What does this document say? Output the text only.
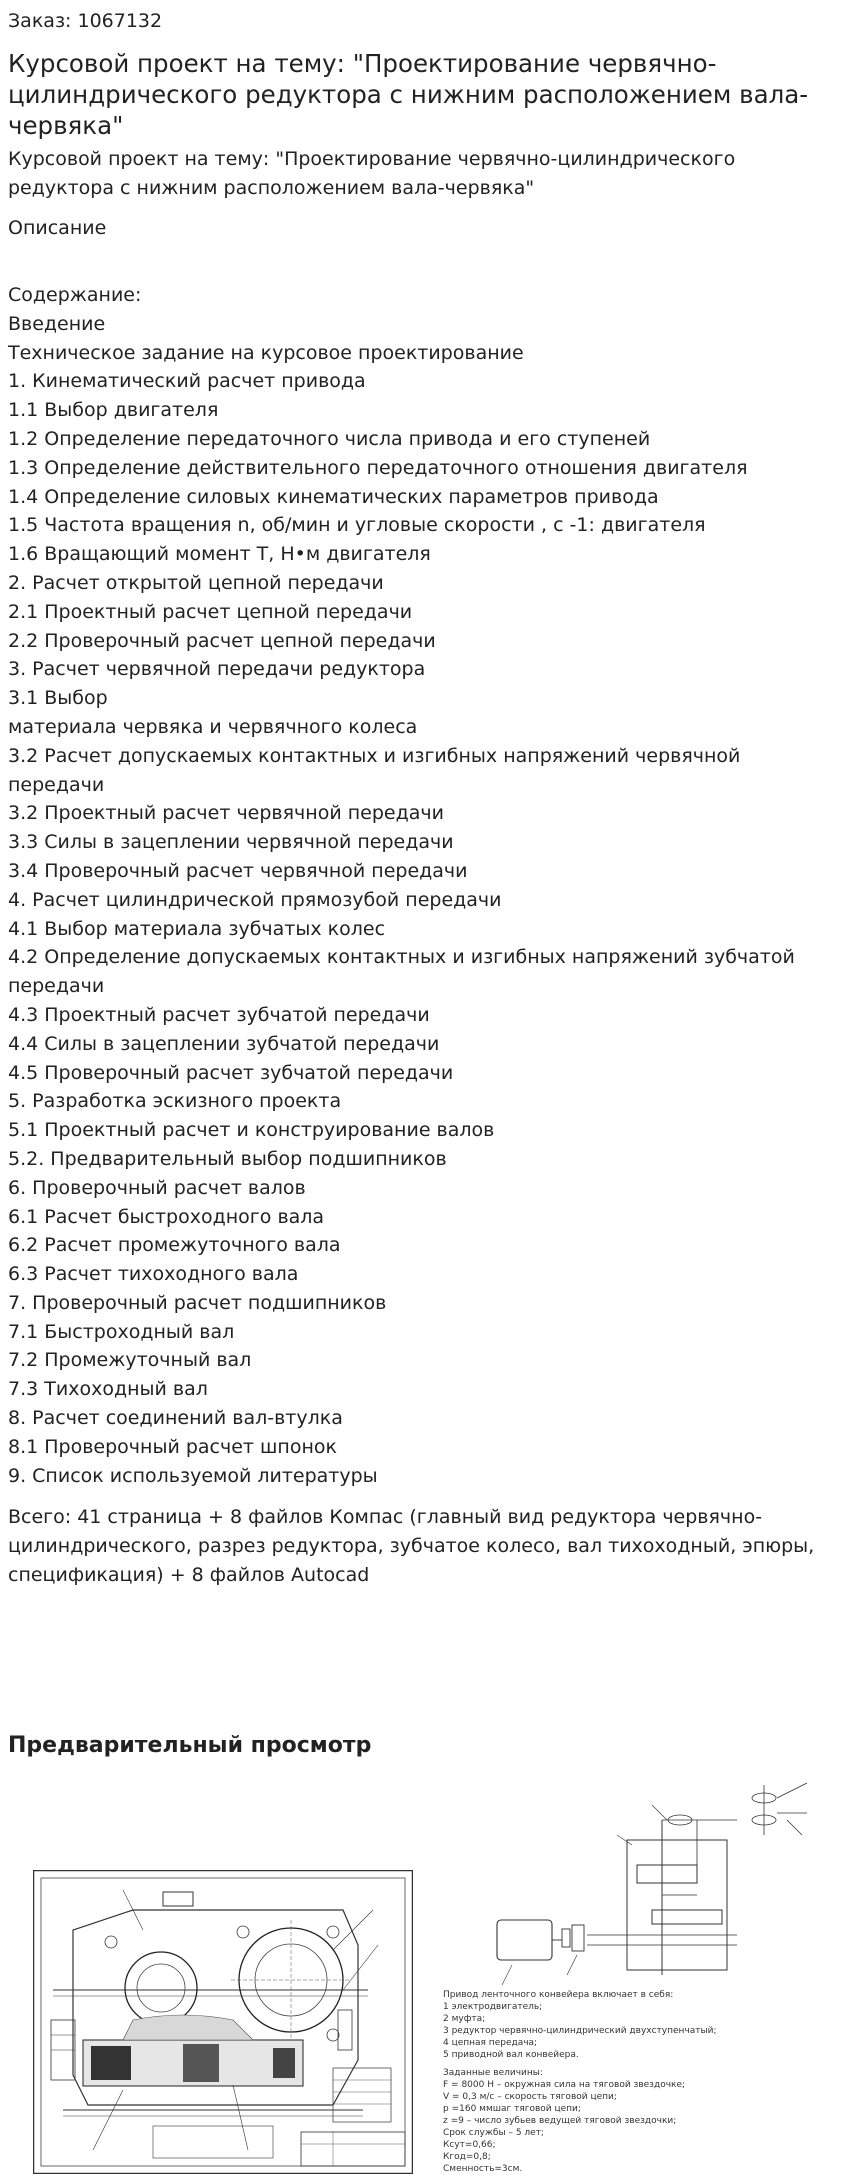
Заказ: 1067132

Курсовой проект на тему: "Проектирование червячно-цилиндрического редуктора с нижним расположением вала-червяка"

Курсовой проект на тему: "Проектирование червячно-цилиндрического редуктора с нижним расположением вала-червяка"

Описание

Содержание:
Введение
Техническое задание на курсовое проектирование
1. Кинематический расчет привода
1.1 Выбор двигателя
1.2 Определение передаточного числа привода и его ступеней
1.3 Определение действительного передаточного отношения двигателя
1.4 Определение силовых кинематических параметров привода
1.5 Частота вращения n, об/мин и угловые скорости , с -1: двигателя
1.6 Вращающий момент Т, Н•м двигателя
2. Расчет открытой цепной передачи
2.1 Проектный расчет цепной передачи
2.2 Проверочный расчет цепной передачи
3. Расчет червячной передачи редуктора
3.1 Выбор
материала червяка и червячного колеса
3.2 Расчет допускаемых контактных и изгибных напряжений червячной передачи
3.2 Проектный расчет червячной передачи
3.3 Силы в зацеплении червячной передачи
3.4 Проверочный расчет червячной передачи
4. Расчет цилиндрической прямозубой передачи
4.1 Выбор материала зубчатых колес
4.2 Определение допускаемых контактных и изгибных напряжений зубчатой передачи
4.3 Проектный расчет зубчатой передачи
4.4 Силы в зацеплении зубчатой передачи
4.5 Проверочный расчет зубчатой передачи
5. Разработка эскизного проекта
5.1 Проектный расчет и конструирование валов
5.2. Предварительный выбор подшипников
6. Проверочный расчет валов
6.1 Расчет быстроходного вала
6.2 Расчет промежуточного вала
6.3 Расчет тихоходного вала
7. Проверочный расчет подшипников
7.1 Быстроходный вал
7.2 Промежуточный вал
7.3 Тихоходный вал
8. Расчет соединений вал-втулка
8.1 Проверочный расчет шпонок
9. Список используемой литературы

Всего: 41 страница + 8 файлов Компас (главный вид редуктора червячно-цилиндрического, разрез редуктора, зубчатое колесо, вал тихоходный, эпюры, спецификация) + 8 файлов Autocad

Предварительный просмотр
Привод ленточного конвейера включает в себя:
1 электродвигатель;
2 муфта;
3 редуктор червячно-цилиндрический двухступенчатый;
4 цепная передача;
5 приводной вал конвейера.
Заданные величины:
F = 8000 Н – окружная сила на тяговой звездочке;
V = 0,3 м/с – скорость тяговой цепи;
p =160 ммшаг тяговой цепи;
z =9 – число зубьев ведущей тяговой звездочки;
Срок службы – 5 лет;
Ксут=0,66;
Кгод=0,8;
Сменность=3см.
